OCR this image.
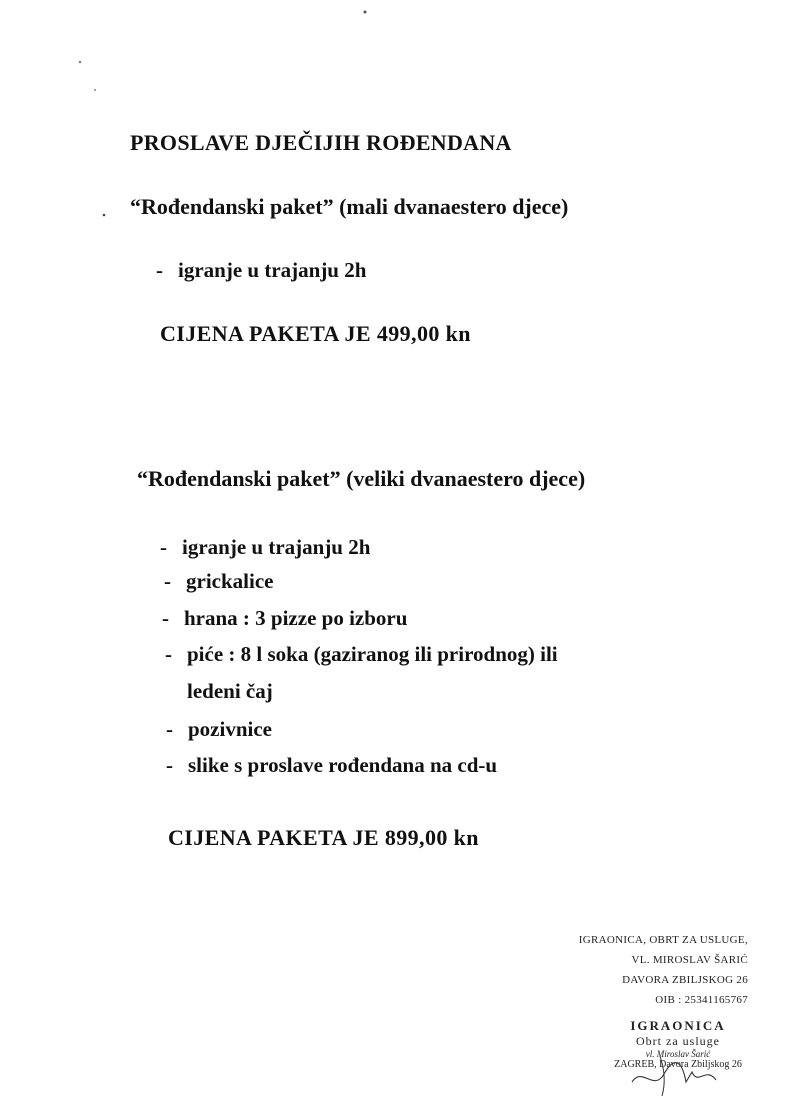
PROSLAVE DJEČIJIH ROĐENDANA
“Rođendanski paket” (mali dvanaestero djece)
- igranje u trajanju 2h
CIJENA PAKETA JE 499,00 kn
“Rođendanski paket” (veliki dvanaestero djece)
- igranje u trajanju 2h
- grickalice
- hrana : 3 pizze po izboru
- piće : 8 l soka (gaziranog ili prirodnog) ili
ledeni čaj
- pozivnice
- slike s proslave rođendana na cd-u
CIJENA PAKETA JE 899,00 kn
IGRAONICA, OBRT ZA USLUGE,
VL. MIROSLAV ŠARIĆ
DAVORA ZBILJSKOG 26
OIB : 25341165767
IGRAONICA
Obrt za usluge
vl. Miroslav Šarić
ZAGREB, Davora Zbiljskog 26
